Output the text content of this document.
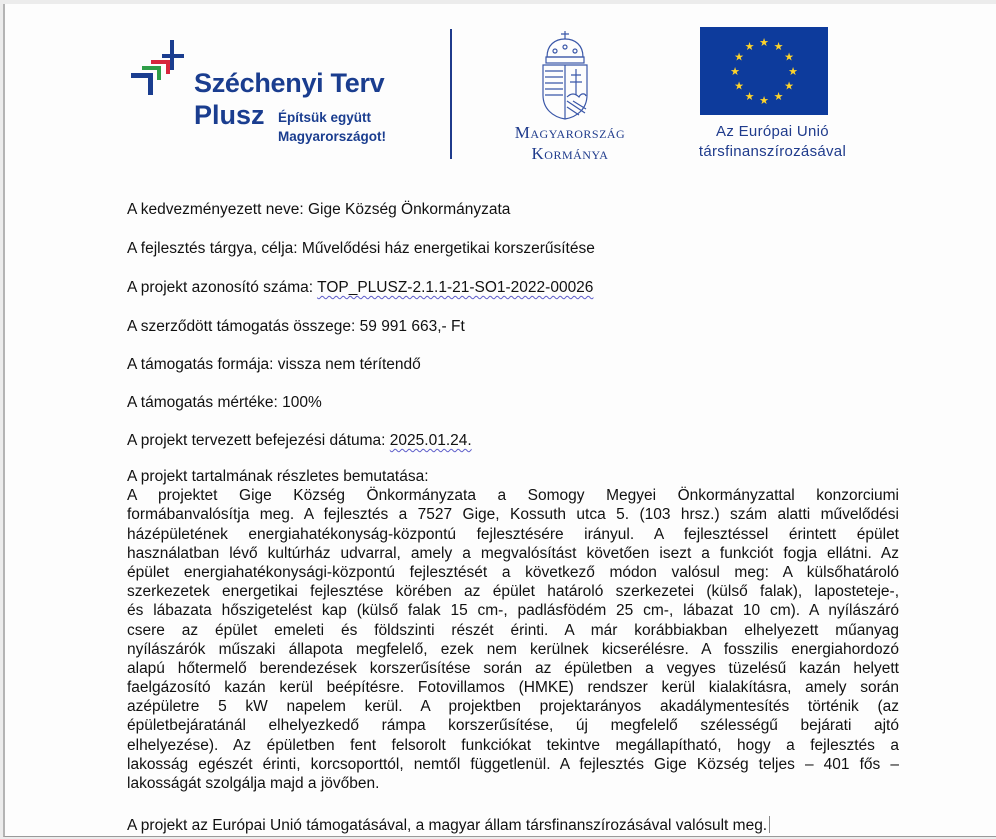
Széchenyi Terv
Plusz Építsük együtt
Magyarországot!	Magyarország
Kormánya
★ ★
★
★
★
★
★
★
★
★
★
★
Az Európai Unió
társfinanszírozásával
A kedvezményezett neve: Gige Község Önkormányzata
A fejlesztés tárgya, célja: Művelődési ház energetikai korszerűsítése
A projekt azonosító száma: TOP_PLUSZ-2.1.1-21-SO1-2022-00026
A szerződött támogatás összege: 59 991 663,- Ft
A támogatás formája: vissza nem térítendő
A támogatás mértéke: 100%
A projekt tervezett befejezési dátuma: 2025.01.24.
A projekt tartalmának részletes bemutatása:
A projektet Gige Község Önkormányzata a Somogy Megyei Önkormányzattal konzorciumi
formábanvalósítja meg. A fejlesztés a 7527 Gige, Kossuth utca 5. (103 hrsz.) szám alatti művelődési
házépületének energiahatékonyság-központú fejlesztésére irányul. A fejlesztéssel érintett épület
használatban lévő kultúrház udvarral, amely a megvalósítást követően isezt a funkciót fogja ellátni. Az
épület energiahatékonysági-központú fejlesztését a következő módon valósul meg: A külsőhatároló
szerkezetek energetikai fejlesztése körében az épület határoló szerkezetei (külső falak), laposteteje-,
és lábazata hőszigetelést kap (külső falak 15 cm-, padlásfödém 25 cm-, lábazat 10 cm). A nyílászáró
csere az épület emeleti és földszinti részét érinti. A már korábbiakban elhelyezett műanyag
nyílászárók műszaki állapota megfelelő, ezek nem kerülnek kicserélésre. A fosszilis energiahordozó
alapú hőtermelő berendezések korszerűsítése során az épületben a vegyes tüzelésű kazán helyett
faelgázosító kazán kerül beépítésre. Fotovillamos (HMKE) rendszer kerül kialakításra, amely során
azépületre 5 kW napelem kerül. A projektben projektarányos akadálymentesítés történik (az
épületbejáratánál elhelyezkedő rámpa korszerűsítése, új megfelelő szélességű bejárati ajtó
elhelyezése). Az épületben fent felsorolt funkciókat tekintve megállapítható, hogy a fejlesztés a
lakosság egészét érinti, korcsoporttól, nemtől függetlenül. A fejlesztés Gige Község teljes – 401 fős –
lakosságát szolgálja majd a jövőben.
A projekt az Európai Unió támogatásával, a magyar állam társfinanszírozásával valósult meg.
